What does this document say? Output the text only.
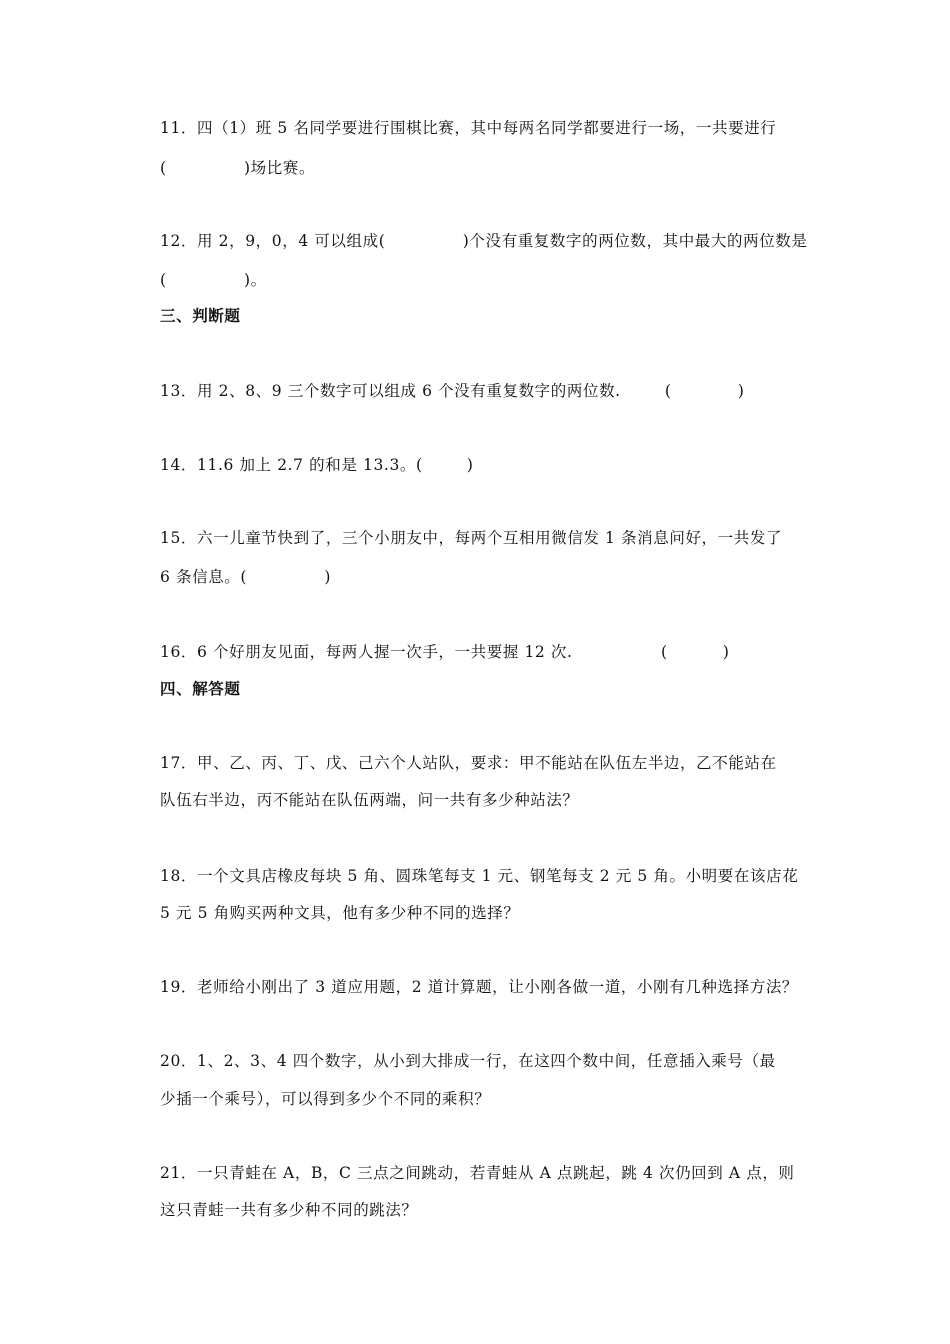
11．四（1）班 5 名同学要进行围棋比赛，其中每两名同学都要进行一场，一共要进行
(              )场比赛。
12．用 2，9，0，4 可以组成(              )个没有重复数字的两位数，其中最大的两位数是
(              )。
三、判断题
13．用 2、8、9 三个数字可以组成 6 个没有重复数字的两位数.        (            )
14．11.6 加上 2.7 的和是 13.3。(        )
15．六一儿童节快到了，三个小朋友中，每两个互相用微信发 1 条消息问好，一共发了
6 条信息。(              )
16．6 个好朋友见面，每两人握一次手，一共要握 12 次.                (          )
四、解答题
17．甲、乙、丙、丁、戊、己六个人站队，要求：甲不能站在队伍左半边，乙不能站在
队伍右半边，丙不能站在队伍两端，问一共有多少种站法？
18．一个文具店橡皮每块 5 角、圆珠笔每支 1 元、钢笔每支 2 元 5 角。小明要在该店花
5 元 5 角购买两种文具，他有多少种不同的选择？
19．老师给小刚出了 3 道应用题，2 道计算题，让小刚各做一道，小刚有几种选择方法？
20．1、2、3、4 四个数字，从小到大排成一行，在这四个数中间，任意插入乘号（最
少插一个乘号），可以得到多少个不同的乘积？
21．一只青蛙在 A，B，C 三点之间跳动，若青蛙从 A 点跳起，跳 4 次仍回到 A 点，则
这只青蛙一共有多少种不同的跳法？
